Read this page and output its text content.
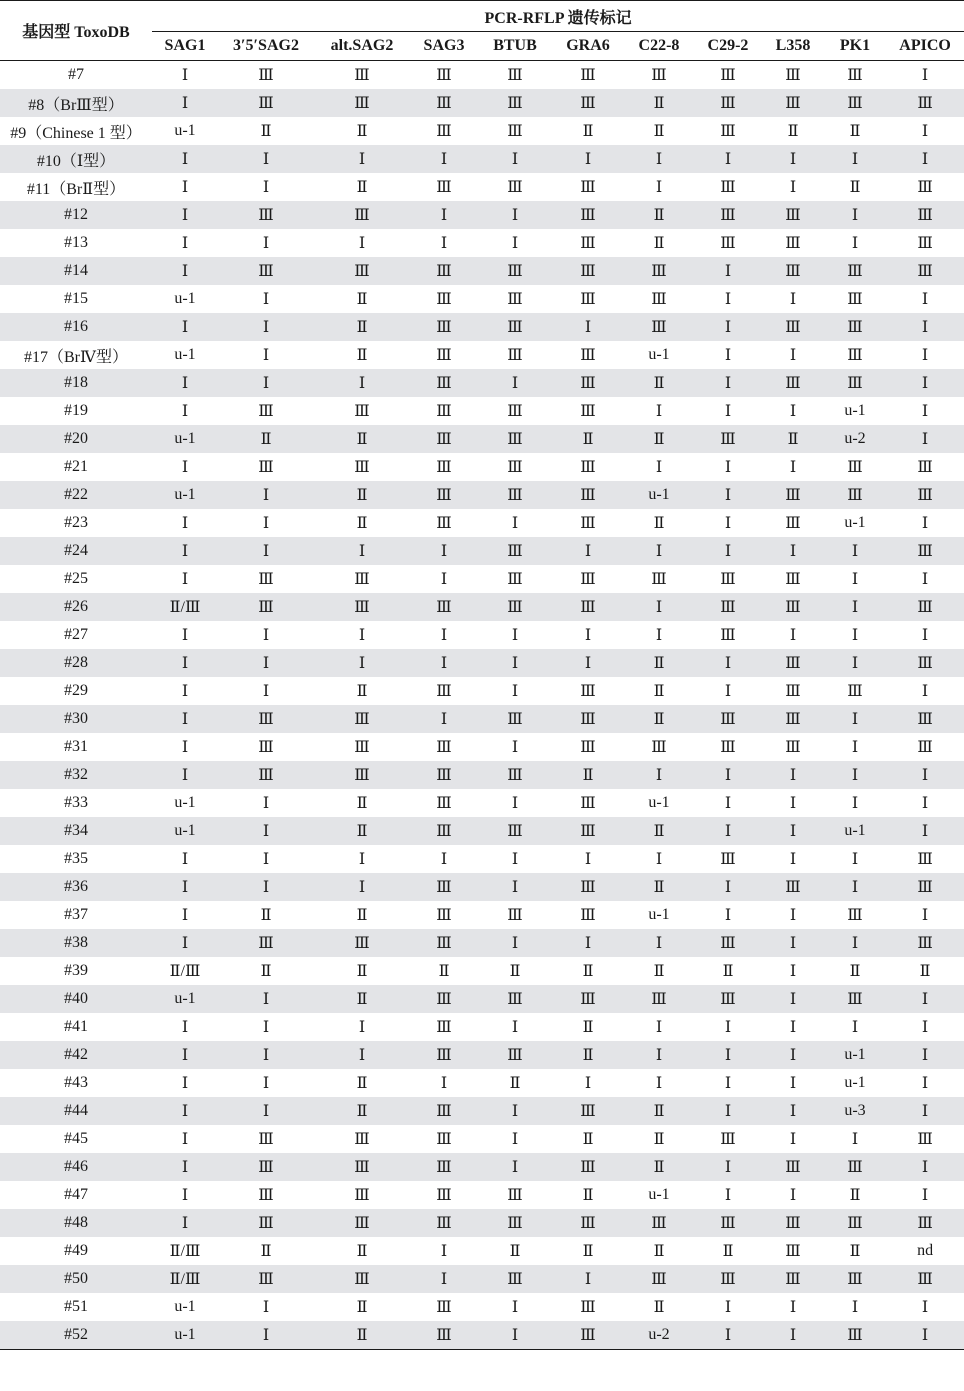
基因型 ToxoDB	PCR-RFLP 遗传标记										
	SAG1	3′5′SAG2	alt.SAG2	SAG3	BTUB	GRA6	C22-8	C29-2	L358	PK1	APICO
#7	Ⅰ	Ⅲ	Ⅲ	Ⅲ	Ⅲ	Ⅲ	Ⅲ	Ⅲ	Ⅲ	Ⅲ	Ⅰ
#8（BrⅢ型）	Ⅰ	Ⅲ	Ⅲ	Ⅲ	Ⅲ	Ⅲ	Ⅱ	Ⅲ	Ⅲ	Ⅲ	Ⅲ
#9（Chinese 1 型）	u-1	Ⅱ	Ⅱ	Ⅲ	Ⅲ	Ⅱ	Ⅱ	Ⅲ	Ⅱ	Ⅱ	Ⅰ
#10（Ⅰ型）	Ⅰ	Ⅰ	Ⅰ	Ⅰ	Ⅰ	Ⅰ	Ⅰ	Ⅰ	Ⅰ	Ⅰ	Ⅰ
#11（BrⅡ型）	Ⅰ	Ⅰ	Ⅱ	Ⅲ	Ⅲ	Ⅲ	Ⅰ	Ⅲ	Ⅰ	Ⅱ	Ⅲ
#12	Ⅰ	Ⅲ	Ⅲ	Ⅰ	Ⅰ	Ⅲ	Ⅱ	Ⅲ	Ⅲ	Ⅰ	Ⅲ
#13	Ⅰ	Ⅰ	Ⅰ	Ⅰ	Ⅰ	Ⅲ	Ⅱ	Ⅲ	Ⅲ	Ⅰ	Ⅲ
#14	Ⅰ	Ⅲ	Ⅲ	Ⅲ	Ⅲ	Ⅲ	Ⅲ	Ⅰ	Ⅲ	Ⅲ	Ⅲ
#15	u-1	Ⅰ	Ⅱ	Ⅲ	Ⅲ	Ⅲ	Ⅲ	Ⅰ	Ⅰ	Ⅲ	Ⅰ
#16	Ⅰ	Ⅰ	Ⅱ	Ⅲ	Ⅲ	Ⅰ	Ⅲ	Ⅰ	Ⅲ	Ⅲ	Ⅰ
#17（BrⅣ型）	u-1	Ⅰ	Ⅱ	Ⅲ	Ⅲ	Ⅲ	u-1	Ⅰ	Ⅰ	Ⅲ	Ⅰ
#18	Ⅰ	Ⅰ	Ⅰ	Ⅲ	Ⅰ	Ⅲ	Ⅱ	Ⅰ	Ⅲ	Ⅲ	Ⅰ
#19	Ⅰ	Ⅲ	Ⅲ	Ⅲ	Ⅲ	Ⅲ	Ⅰ	Ⅰ	Ⅰ	u-1	Ⅰ
#20	u-1	Ⅱ	Ⅱ	Ⅲ	Ⅲ	Ⅱ	Ⅱ	Ⅲ	Ⅱ	u-2	Ⅰ
#21	Ⅰ	Ⅲ	Ⅲ	Ⅲ	Ⅲ	Ⅲ	Ⅰ	Ⅰ	Ⅰ	Ⅲ	Ⅲ
#22	u-1	Ⅰ	Ⅱ	Ⅲ	Ⅲ	Ⅲ	u-1	Ⅰ	Ⅲ	Ⅲ	Ⅲ
#23	Ⅰ	Ⅰ	Ⅱ	Ⅲ	Ⅰ	Ⅲ	Ⅱ	Ⅰ	Ⅲ	u-1	Ⅰ
#24	Ⅰ	Ⅰ	Ⅰ	Ⅰ	Ⅲ	Ⅰ	Ⅰ	Ⅰ	Ⅰ	Ⅰ	Ⅲ
#25	Ⅰ	Ⅲ	Ⅲ	Ⅰ	Ⅲ	Ⅲ	Ⅲ	Ⅲ	Ⅲ	Ⅰ	Ⅰ
#26	Ⅱ/Ⅲ	Ⅲ	Ⅲ	Ⅲ	Ⅲ	Ⅲ	Ⅰ	Ⅲ	Ⅲ	Ⅰ	Ⅲ
#27	Ⅰ	Ⅰ	Ⅰ	Ⅰ	Ⅰ	Ⅰ	Ⅰ	Ⅲ	Ⅰ	Ⅰ	Ⅰ
#28	Ⅰ	Ⅰ	Ⅰ	Ⅰ	Ⅰ	Ⅰ	Ⅱ	Ⅰ	Ⅲ	Ⅰ	Ⅲ
#29	Ⅰ	Ⅰ	Ⅱ	Ⅲ	Ⅰ	Ⅲ	Ⅱ	Ⅰ	Ⅲ	Ⅲ	Ⅰ
#30	Ⅰ	Ⅲ	Ⅲ	Ⅰ	Ⅲ	Ⅲ	Ⅱ	Ⅲ	Ⅲ	Ⅰ	Ⅲ
#31	Ⅰ	Ⅲ	Ⅲ	Ⅲ	Ⅰ	Ⅲ	Ⅲ	Ⅲ	Ⅲ	Ⅰ	Ⅲ
#32	Ⅰ	Ⅲ	Ⅲ	Ⅲ	Ⅲ	Ⅱ	Ⅰ	Ⅰ	Ⅰ	Ⅰ	Ⅰ
#33	u-1	Ⅰ	Ⅱ	Ⅲ	Ⅰ	Ⅲ	u-1	Ⅰ	Ⅰ	Ⅰ	Ⅰ
#34	u-1	Ⅰ	Ⅱ	Ⅲ	Ⅲ	Ⅲ	Ⅱ	Ⅰ	Ⅰ	u-1	Ⅰ
#35	Ⅰ	Ⅰ	Ⅰ	Ⅰ	Ⅰ	Ⅰ	Ⅰ	Ⅲ	Ⅰ	Ⅰ	Ⅲ
#36	Ⅰ	Ⅰ	Ⅰ	Ⅲ	Ⅰ	Ⅲ	Ⅱ	Ⅰ	Ⅲ	Ⅰ	Ⅲ
#37	Ⅰ	Ⅱ	Ⅱ	Ⅲ	Ⅲ	Ⅲ	u-1	Ⅰ	Ⅰ	Ⅲ	Ⅰ
#38	Ⅰ	Ⅲ	Ⅲ	Ⅲ	Ⅰ	Ⅰ	Ⅰ	Ⅲ	Ⅰ	Ⅰ	Ⅲ
#39	Ⅱ/Ⅲ	Ⅱ	Ⅱ	Ⅱ	Ⅱ	Ⅱ	Ⅱ	Ⅱ	Ⅰ	Ⅱ	Ⅱ
#40	u-1	Ⅰ	Ⅱ	Ⅲ	Ⅲ	Ⅲ	Ⅲ	Ⅲ	Ⅰ	Ⅲ	Ⅰ
#41	Ⅰ	Ⅰ	Ⅰ	Ⅲ	Ⅰ	Ⅱ	Ⅰ	Ⅰ	Ⅰ	Ⅰ	Ⅰ
#42	Ⅰ	Ⅰ	Ⅰ	Ⅲ	Ⅲ	Ⅱ	Ⅰ	Ⅰ	Ⅰ	u-1	Ⅰ
#43	Ⅰ	Ⅰ	Ⅱ	Ⅰ	Ⅱ	Ⅰ	Ⅰ	Ⅰ	Ⅰ	u-1	Ⅰ
#44	Ⅰ	Ⅰ	Ⅱ	Ⅲ	Ⅰ	Ⅲ	Ⅱ	Ⅰ	Ⅰ	u-3	Ⅰ
#45	Ⅰ	Ⅲ	Ⅲ	Ⅲ	Ⅰ	Ⅱ	Ⅱ	Ⅲ	Ⅰ	Ⅰ	Ⅲ
#46	Ⅰ	Ⅲ	Ⅲ	Ⅲ	Ⅰ	Ⅲ	Ⅱ	Ⅰ	Ⅲ	Ⅲ	Ⅰ
#47	Ⅰ	Ⅲ	Ⅲ	Ⅲ	Ⅲ	Ⅱ	u-1	Ⅰ	Ⅰ	Ⅱ	Ⅰ
#48	Ⅰ	Ⅲ	Ⅲ	Ⅲ	Ⅲ	Ⅲ	Ⅲ	Ⅲ	Ⅲ	Ⅲ	Ⅲ
#49	Ⅱ/Ⅲ	Ⅱ	Ⅱ	Ⅰ	Ⅱ	Ⅱ	Ⅱ	Ⅱ	Ⅲ	Ⅱ	nd
#50	Ⅱ/Ⅲ	Ⅲ	Ⅲ	Ⅰ	Ⅲ	Ⅰ	Ⅲ	Ⅲ	Ⅲ	Ⅲ	Ⅲ
#51	u-1	Ⅰ	Ⅱ	Ⅲ	Ⅰ	Ⅲ	Ⅱ	Ⅰ	Ⅰ	Ⅰ	Ⅰ
#52	u-1	Ⅰ	Ⅱ	Ⅲ	Ⅰ	Ⅲ	u-2	Ⅰ	Ⅰ	Ⅲ	Ⅰ
